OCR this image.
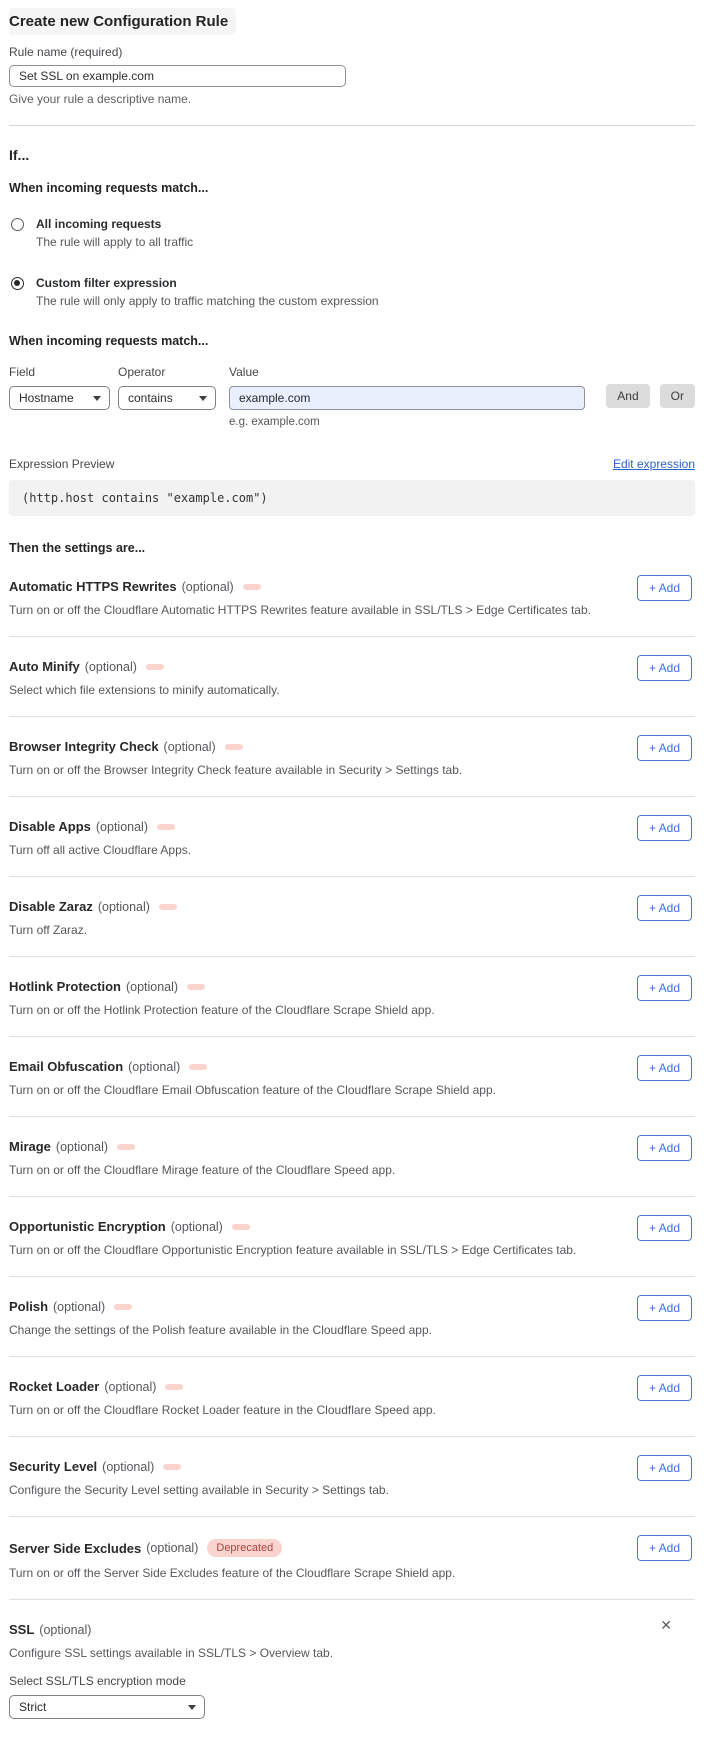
Create new Configuration Rule
Rule name (required)
Set SSL on example.com
Give your rule a descriptive name.
If...
When incoming requests match...
All incoming requests
The rule will apply to all traffic
Custom filter expression
The rule will only apply to traffic matching the custom expression
When incoming requests match...
Field
Hostname
Operator
contains
Value
example.com
e.g. example.com
And	Or
Expression Preview	Edit expression
(http.host contains "example.com")
Then the settings are...
Automatic HTTPS Rewrites (optional)
Turn on or off the Cloudflare Automatic HTTPS Rewrites feature available in SSL/TLS > Edge Certificates tab.
+ Add
Auto Minify (optional)
Select which file extensions to minify automatically.
+ Add
Browser Integrity Check (optional)
Turn on or off the Browser Integrity Check feature available in Security > Settings tab.
+ Add
Disable Apps (optional)
Turn off all active Cloudflare Apps.
+ Add
Disable Zaraz (optional)
Turn off Zaraz.
+ Add
Hotlink Protection (optional)
Turn on or off the Hotlink Protection feature of the Cloudflare Scrape Shield app.
+ Add
Email Obfuscation (optional)
Turn on or off the Cloudflare Email Obfuscation feature of the Cloudflare Scrape Shield app.
+ Add
Mirage (optional)
Turn on or off the Cloudflare Mirage feature of the Cloudflare Speed app.
+ Add
Opportunistic Encryption (optional)
Turn on or off the Cloudflare Opportunistic Encryption feature available in SSL/TLS > Edge Certificates tab.
+ Add
Polish (optional)
Change the settings of the Polish feature available in the Cloudflare Speed app.
+ Add
Rocket Loader (optional)
Turn on or off the Cloudflare Rocket Loader feature in the Cloudflare Speed app.
+ Add
Security Level (optional)
Configure the Security Level setting available in Security > Settings tab.
+ Add
Server Side Excludes (optional)	Deprecated
Turn on or off the Server Side Excludes feature of the Cloudflare Scrape Shield app.
+ Add
✕
SSL (optional)
Configure SSL settings available in SSL/TLS > Overview tab.
Select SSL/TLS encryption mode
Strict
